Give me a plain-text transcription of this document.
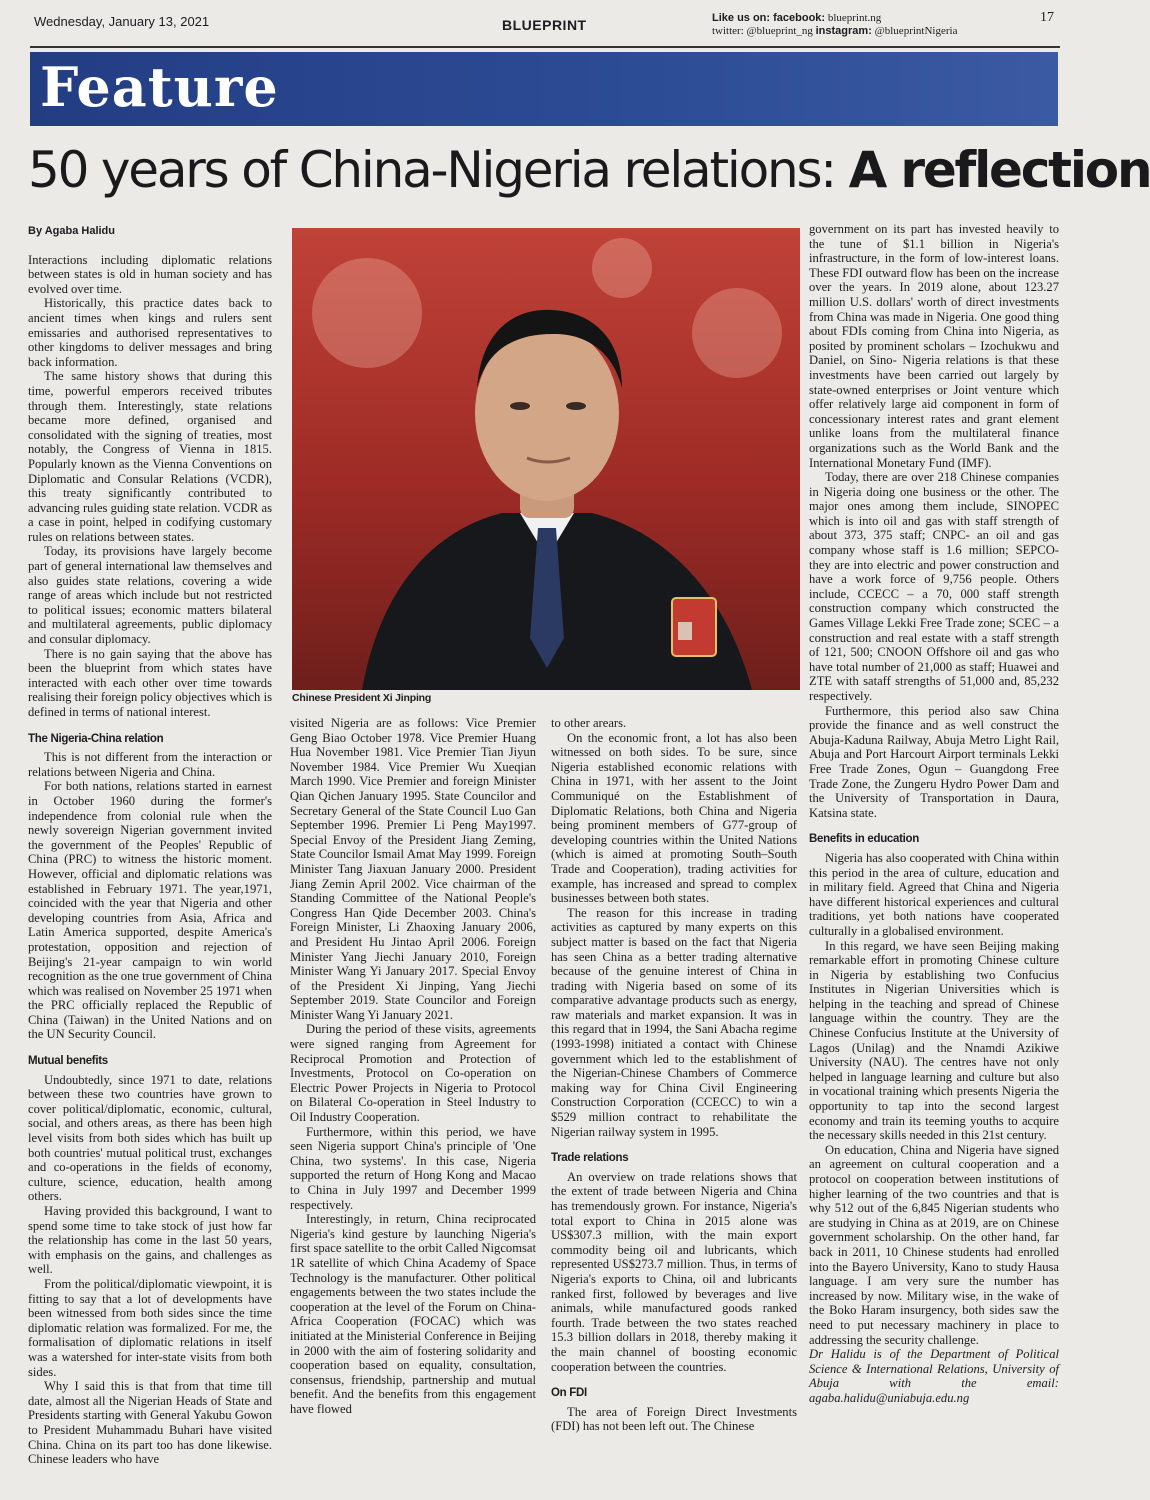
Wednesday, January 13, 2021	BLUEPRINT	Like us on: facebook: blueprint.ng
twitter: @blueprint_ng instagram: @blueprintNigeria
17
Feature
50 years of China-Nigeria relations: A reflection
By Agaba Halidu

Interactions including diplomatic relations between states is old in human society and has evolved over time.

Historically, this practice dates back to ancient times when kings and rulers sent emissaries and authorised representatives to other kingdoms to deliver messages and bring back information.

The same history shows that during this time, powerful emperors received tributes through them. Interestingly, state relations became more defined, organised and consolidated with the signing of treaties, most notably, the Congress of Vienna in 1815. Popularly known as the Vienna Conventions on Diplomatic and Consular Relations (VCDR), this treaty significantly contributed to advancing rules guiding state relation. VCDR as a case in point, helped in codifying customary rules on relations between states.

Today, its provisions have largely become part of general international law themselves and also guides state relations, covering a wide range of areas which include but not restricted to political issues; economic matters bilateral and multilateral agreements, public diplomacy and consular diplomacy.

There is no gain saying that the above has been the blueprint from which states have interacted with each other over time towards realising their foreign policy objectives which is defined in terms of national interest.

The Nigeria-China relation

This is not different from the interaction or relations between Nigeria and China.

For both nations, relations started in earnest in October 1960 during the former's independence from colonial rule when the newly sovereign Nigerian government invited the government of the Peoples' Republic of China (PRC) to witness the historic moment. However, official and diplomatic relations was established in February 1971. The year,1971, coincided with the year that Nigeria and other developing countries from Asia, Africa and Latin America supported, despite America's protestation, opposition and rejection of Beijing's 21-year campaign to win world recognition as the one true government of China which was realised on November 25 1971 when the PRC officially replaced the Republic of China (Taiwan) in the United Nations and on the UN Security Council.

Mutual benefits

Undoubtedly, since 1971 to date, relations between these two countries have grown to cover political/diplomatic, economic, cultural, social, and others areas, as there has been high level visits from both sides which has built up both countries' mutual political trust, exchanges and co-operations in the fields of economy, culture, science, education, health among others.

Having provided this background, I want to spend some time to take stock of just how far the relationship has come in the last 50 years, with emphasis on the gains, and challenges as well.

From the political/diplomatic viewpoint, it is fitting to say that a lot of developments have been witnessed from both sides since the time diplomatic relation was formalized. For me, the formalisation of diplomatic relations in itself was a watershed for inter-state visits from both sides.

Why I said this is that from that time till date, almost all the Nigerian Heads of State and Presidents starting with General Yakubu Gowon to President Muhammadu Buhari have visited China. China on its part too has done likewise. Chinese leaders who have

Chinese President Xi Jinping

visited Nigeria are as follows: Vice Premier Geng Biao October 1978. Vice Premier Huang Hua November 1981. Vice Premier Tian Jiyun November 1984. Vice Premier Wu Xueqian March 1990. Vice Premier and foreign Minister Qian Qichen January 1995. State Councilor and Secretary General of the State Council Luo Gan September 1996. Premier Li Peng May1997. Special Envoy of the President Jiang Zeming, State Councilor Ismail Amat May 1999. Foreign Minister Tang Jiaxuan January 2000. President Jiang Zemin April 2002. Vice chairman of the Standing Committee of the National People's Congress Han Qide December 2003. China's Foreign Minister, Li Zhaoxing January 2006, and President Hu Jintao April 2006. Foreign Minister Yang Jiechi January 2010, Foreign Minister Wang Yi January 2017. Special Envoy of the President Xi Jinping, Yang Jiechi September 2019. State Councilor and Foreign Minister Wang Yi January 2021.

During the period of these visits, agreements were signed ranging from Agreement for Reciprocal Promotion and Protection of Investments, Protocol on Co-operation on Electric Power Projects in Nigeria to Protocol on Bilateral Co-operation in Steel Industry to Oil Industry Cooperation.

Furthermore, within this period, we have seen Nigeria support China's principle of 'One China, two systems'. In this case, Nigeria supported the return of Hong Kong and Macao to China in July 1997 and December 1999 respectively.

Interestingly, in return, China reciprocated Nigeria's kind gesture by launching Nigeria's first space satellite to the orbit Called Nigcomsat 1R satellite of which China Academy of Space Technology is the manufacturer. Other political engagements between the two states include the cooperation at the level of the Forum on China-Africa Cooperation (FOCAC) which was initiated at the Ministerial Conference in Beijing in 2000 with the aim of fostering solidarity and cooperation based on equality, consultation, consensus, friendship, partnership and mutual benefit. And the benefits from this engagement have flowed

to other arears.

On the economic front, a lot has also been witnessed on both sides. To be sure, since Nigeria established economic relations with China in 1971, with her assent to the Joint Communiqué on the Establishment of Diplomatic Relations, both China and Nigeria being prominent members of G77-group of developing countries within the United Nations (which is aimed at promoting South–South Trade and Cooperation), trading activities for example, has increased and spread to complex businesses between both states.

The reason for this increase in trading activities as captured by many experts on this subject matter is based on the fact that Nigeria has seen China as a better trading alternative because of the genuine interest of China in trading with Nigeria based on some of its comparative advantage products such as energy, raw materials and market expansion. It was in this regard that in 1994, the Sani Abacha regime (1993-1998) initiated a contact with Chinese government which led to the establishment of the Nigerian-Chinese Chambers of Commerce making way for China Civil Engineering Construction Corporation (CCECC) to win a $529 million contract to rehabilitate the Nigerian railway system in 1995.

Trade relations

An overview on trade relations shows that the extent of trade between Nigeria and China has tremendously grown. For instance, Nigeria's total export to China in 2015 alone was US$307.3 million, with the main export commodity being oil and lubricants, which represented US$273.7 million. Thus, in terms of Nigeria's exports to China, oil and lubricants ranked first, followed by beverages and live animals, while manufactured goods ranked fourth. Trade between the two states reached 15.3 billion dollars in 2018, thereby making it the main channel of boosting economic cooperation between the countries.

On FDI

The area of Foreign Direct Investments (FDI) has not been left out. The Chinese

government on its part has invested heavily to the tune of $1.1 billion in Nigeria's infrastructure, in the form of low-interest loans. These FDI outward flow has been on the increase over the years. In 2019 alone, about 123.27 million U.S. dollars' worth of direct investments from China was made in Nigeria. One good thing about FDIs coming from China into Nigeria, as posited by prominent scholars – Izochukwu and Daniel, on Sino- Nigeria relations is that these investments have been carried out largely by state-owned enterprises or Joint venture which offer relatively large aid component in form of concessionary interest rates and grant element unlike loans from the multilateral finance organizations such as the World Bank and the International Monetary Fund (IMF).

Today, there are over 218 Chinese companies in Nigeria doing one business or the other. The major ones among them include, SINOPEC which is into oil and gas with staff strength of about 373, 375 staff; CNPC- an oil and gas company whose staff is 1.6 million; SEPCO- they are into electric and power construction and have a work force of 9,756 people. Others include, CCECC – a 70, 000 staff strength construction company which constructed the Games Village Lekki Free Trade zone; SCEC – a construction and real estate with a staff strength of 121, 500; CNOON Offshore oil and gas who have total number of 21,000 as staff; Huawei and ZTE with sataff strengths of 51,000 and, 85,232 respectively.

Furthermore, this period also saw China provide the finance and as well construct the Abuja-Kaduna Railway, Abuja Metro Light Rail, Abuja and Port Harcourt Airport terminals Lekki Free Trade Zones, Ogun – Guangdong Free Trade Zone, the Zungeru Hydro Power Dam and the University of Transportation in Daura, Katsina state.

Benefits in education

Nigeria has also cooperated with China within this period in the area of culture, education and in military field. Agreed that China and Nigeria have different historical experiences and cultural traditions, yet both nations have cooperated culturally in a globalised environment.

In this regard, we have seen Beijing making remarkable effort in promoting Chinese culture in Nigeria by establishing two Confucius Institutes in Nigerian Universities which is helping in the teaching and spread of Chinese language within the country. They are the Chinese Confucius Institute at the University of Lagos (Unilag) and the Nnamdi Azikiwe University (NAU). The centres have not only helped in language learning and culture but also in vocational training which presents Nigeria the opportunity to tap into the second largest economy and train its teeming youths to acquire the necessary skills needed in this 21st century.

On education, China and Nigeria have signed an agreement on cultural cooperation and a protocol on cooperation between institutions of higher learning of the two countries and that is why 512 out of the 6,845 Nigerian students who are studying in China as at 2019, are on Chinese government scholarship. On the other hand, far back in 2011, 10 Chinese students had enrolled into the Bayero University, Kano to study Hausa language. I am very sure the number has increased by now. Military wise, in the wake of the Boko Haram insurgency, both sides saw the need to put necessary machinery in place to addressing the security challenge.

Dr Halidu is of the Department of Political Science & International Relations, University of Abuja with the email: agaba.halidu@uniabuja.edu.ng
